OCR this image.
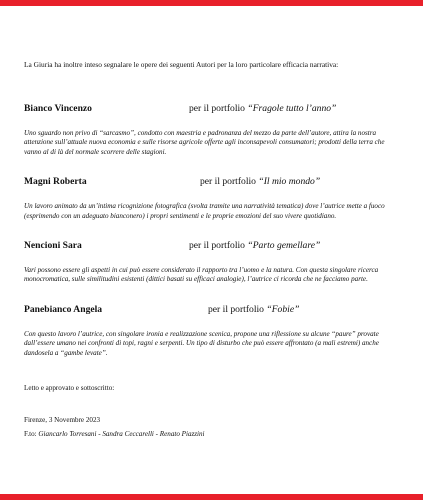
La Giuria ha inoltre inteso segnalare le opere dei seguenti Autori per la loro particolare efficacia narrativa:

Bianco Vincenzo	per il portfolio “Fragole tutto l’anno”

Uno sguardo non privo di “sarcasmo”, condotto con maestria e padronanza del mezzo da parte dell’autore, attira la nostra attenzione sull’attuale nuova economia e sulle risorse agricole offerte agli inconsapevoli consumatori; prodotti della terra che vanno al di là del normale scorrere delle stagioni.

Magni Roberta	per il portfolio “Il mio mondo”

Un lavoro animato da un’intima ricognizione fotografica (svolta tramite una narratività tematica) dove l’autrice mette a fuoco (esprimendo con un adeguato bianconero) i propri sentimenti e le proprie emozioni del suo vivere quotidiano.

Nencioni Sara	per il portfolio “Parto gemellare”

Vari possono essere gli aspetti in cui può essere considerato il rapporto tra l’uomo e la natura. Con questa singolare ricerca monocromatica, sulle similitudini esistenti (dittici basati su efficaci analogie), l’autrice ci ricorda che ne facciamo parte.

Panebianco Angela	per il portfolio “Fobie”

Con questo lavoro l’autrice, con singolare ironia e realizzazione scenica, propone una riflessione su alcune “paure” provate dall’essere umano nei confronti di topi, ragni e serpenti. Un tipo di disturbo che può essere affrontato (a mali estremi) anche dandosela a “gambe levate”.

Letto e approvato e sottoscritto:
Firenze, 3 Novembre 2023
F.to: Giancarlo Torresani - Sandra Ceccarelli - Renato Piazzini
